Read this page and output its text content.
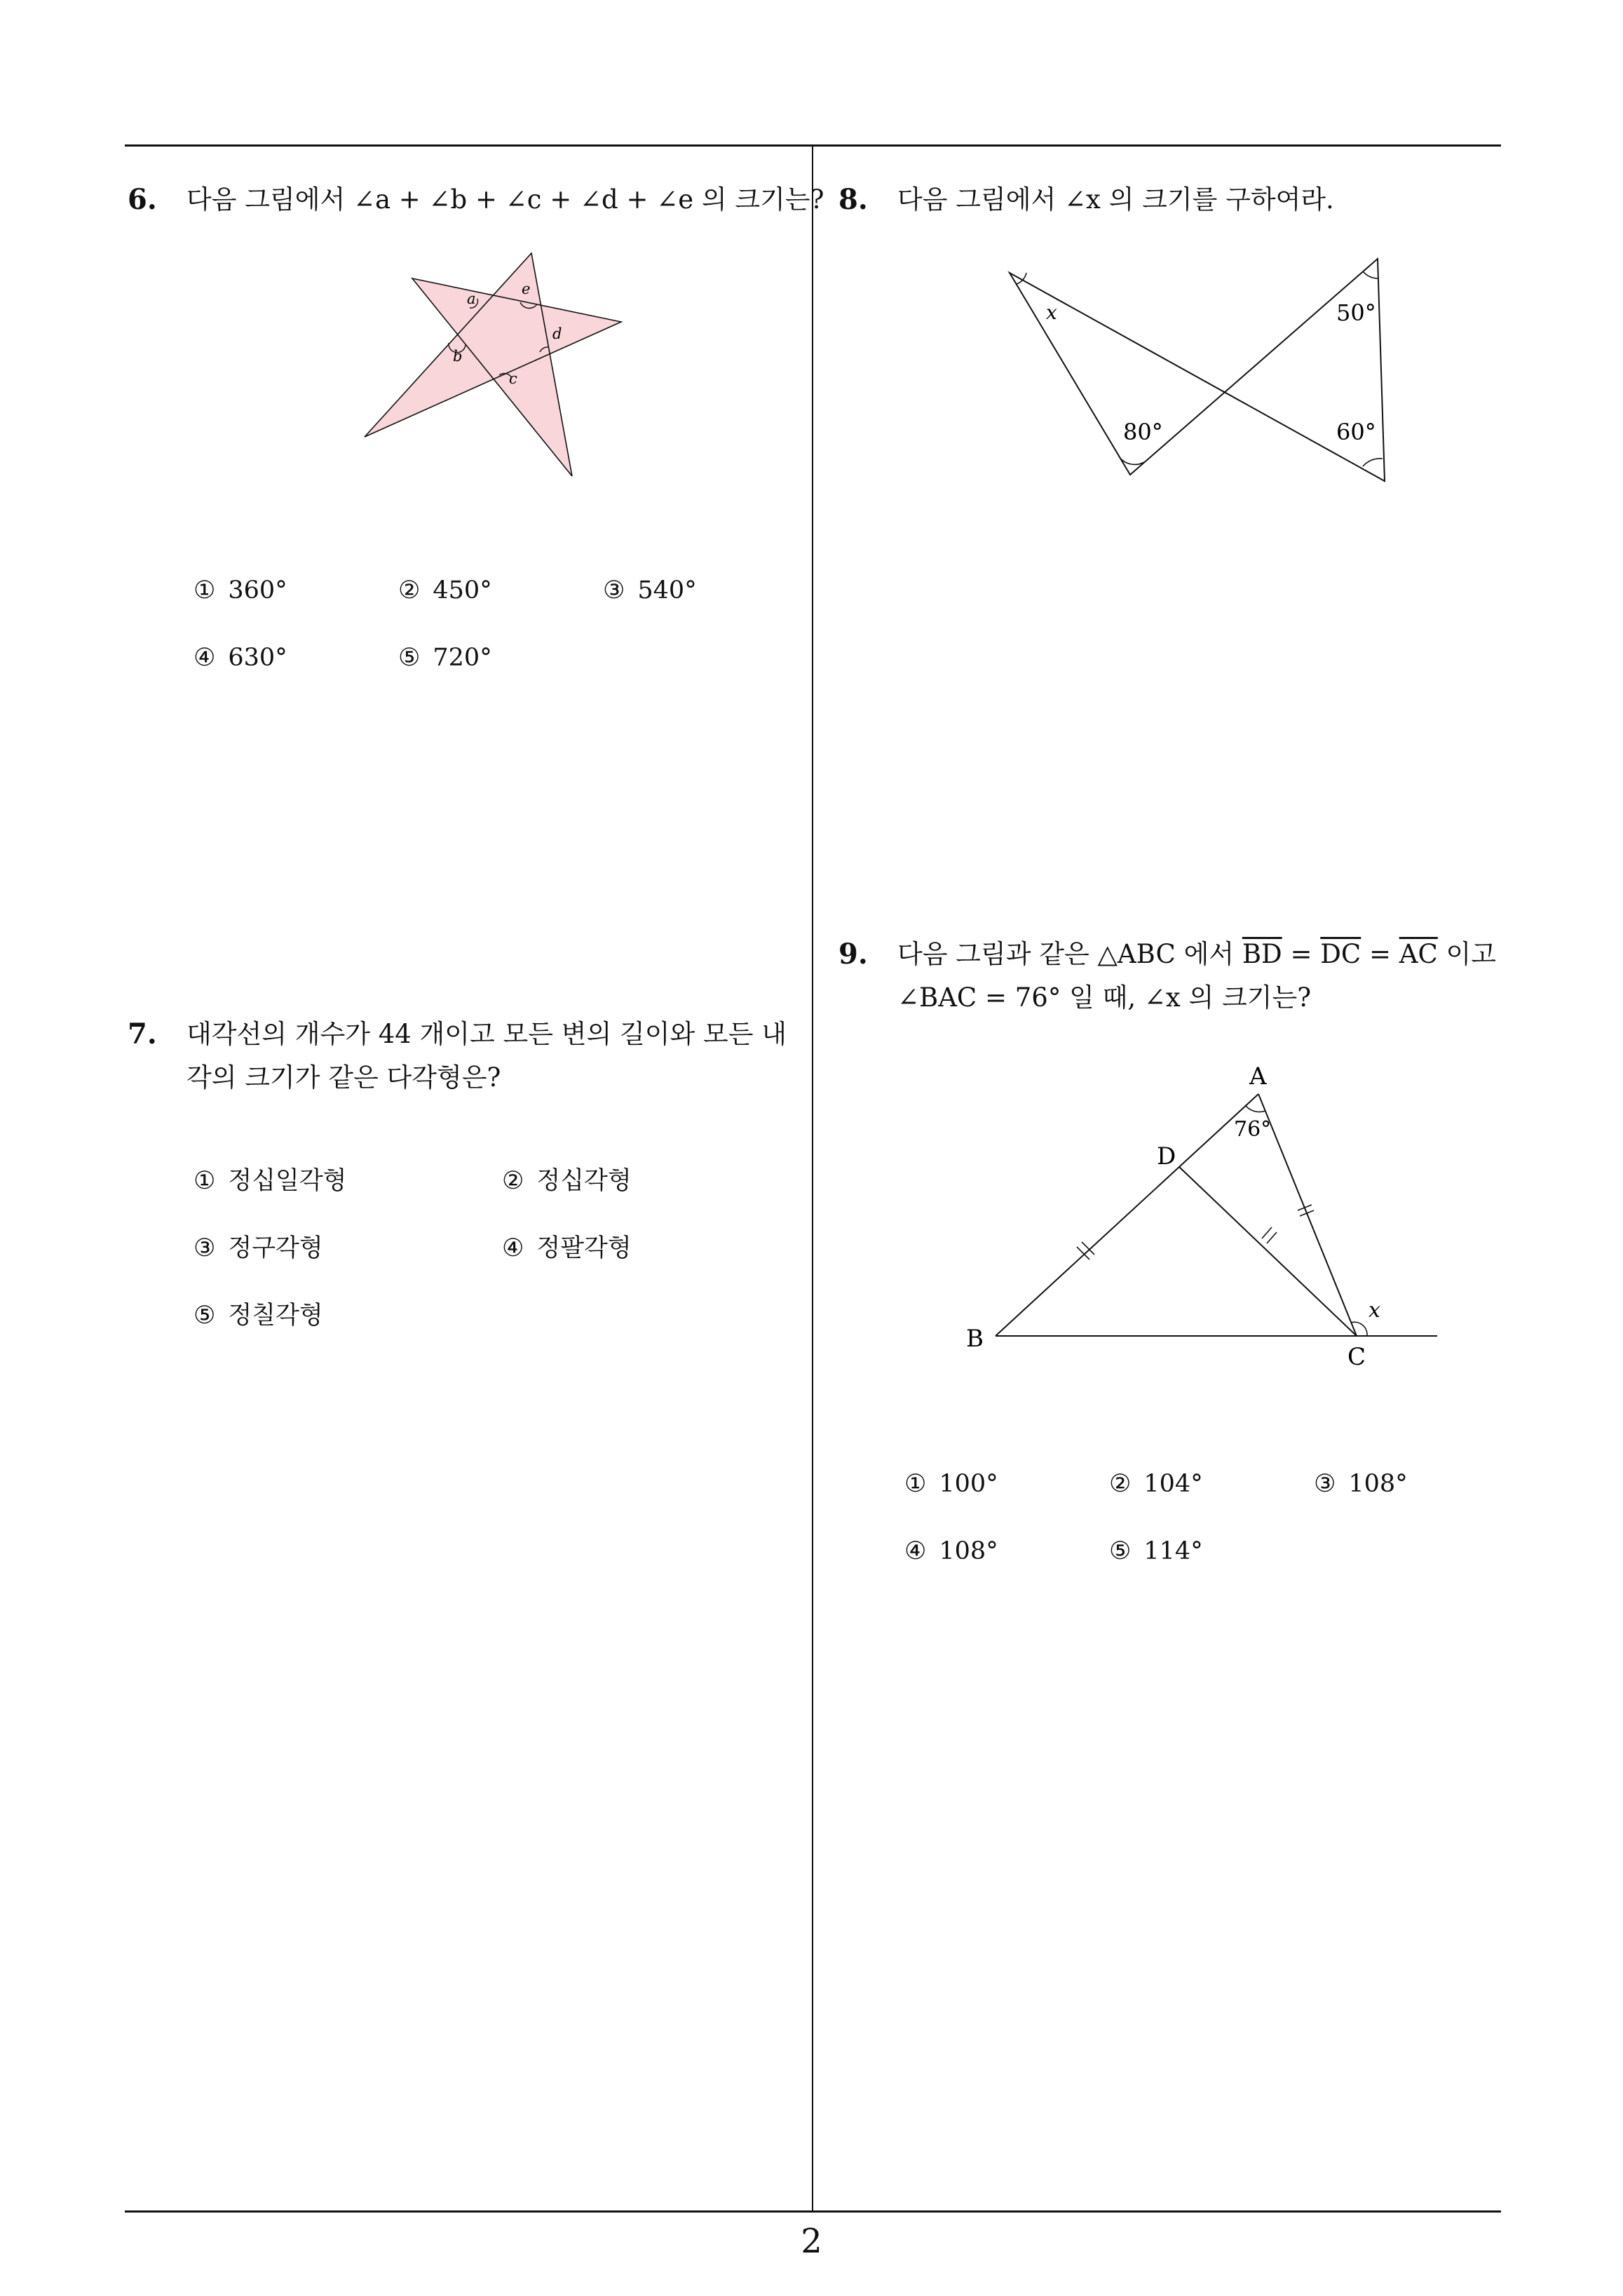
6. 다음 그림에서 ∠a + ∠b + ∠c + ∠d + ∠e 의 크기는?
a
e
b
d
c
① 360°	② 450°	③ 540°
④ 630°	⑤ 720°
7. 대각선의 개수가 44 개이고 모든 변의 길이와 모든 내
각의 크기가 같은 다각형은?
① 정십일각형	② 정십각형
③ 정구각형	④ 정팔각형
⑤ 정칠각형
8. 다음 그림에서 ∠x 의 크기를 구하여라.
x	50°
80°	60°
9. 다음 그림과 같은 △ABC 에서 $\overline{BD} = \overline{DC} = \overline{AC}$ 이고
∠BAC = 76° 일 때, ∠x 의 크기는?
A
D
B
C
76°
x
① 100°	② 104°	③ 108°
④ 108°	⑤ 114°
2
